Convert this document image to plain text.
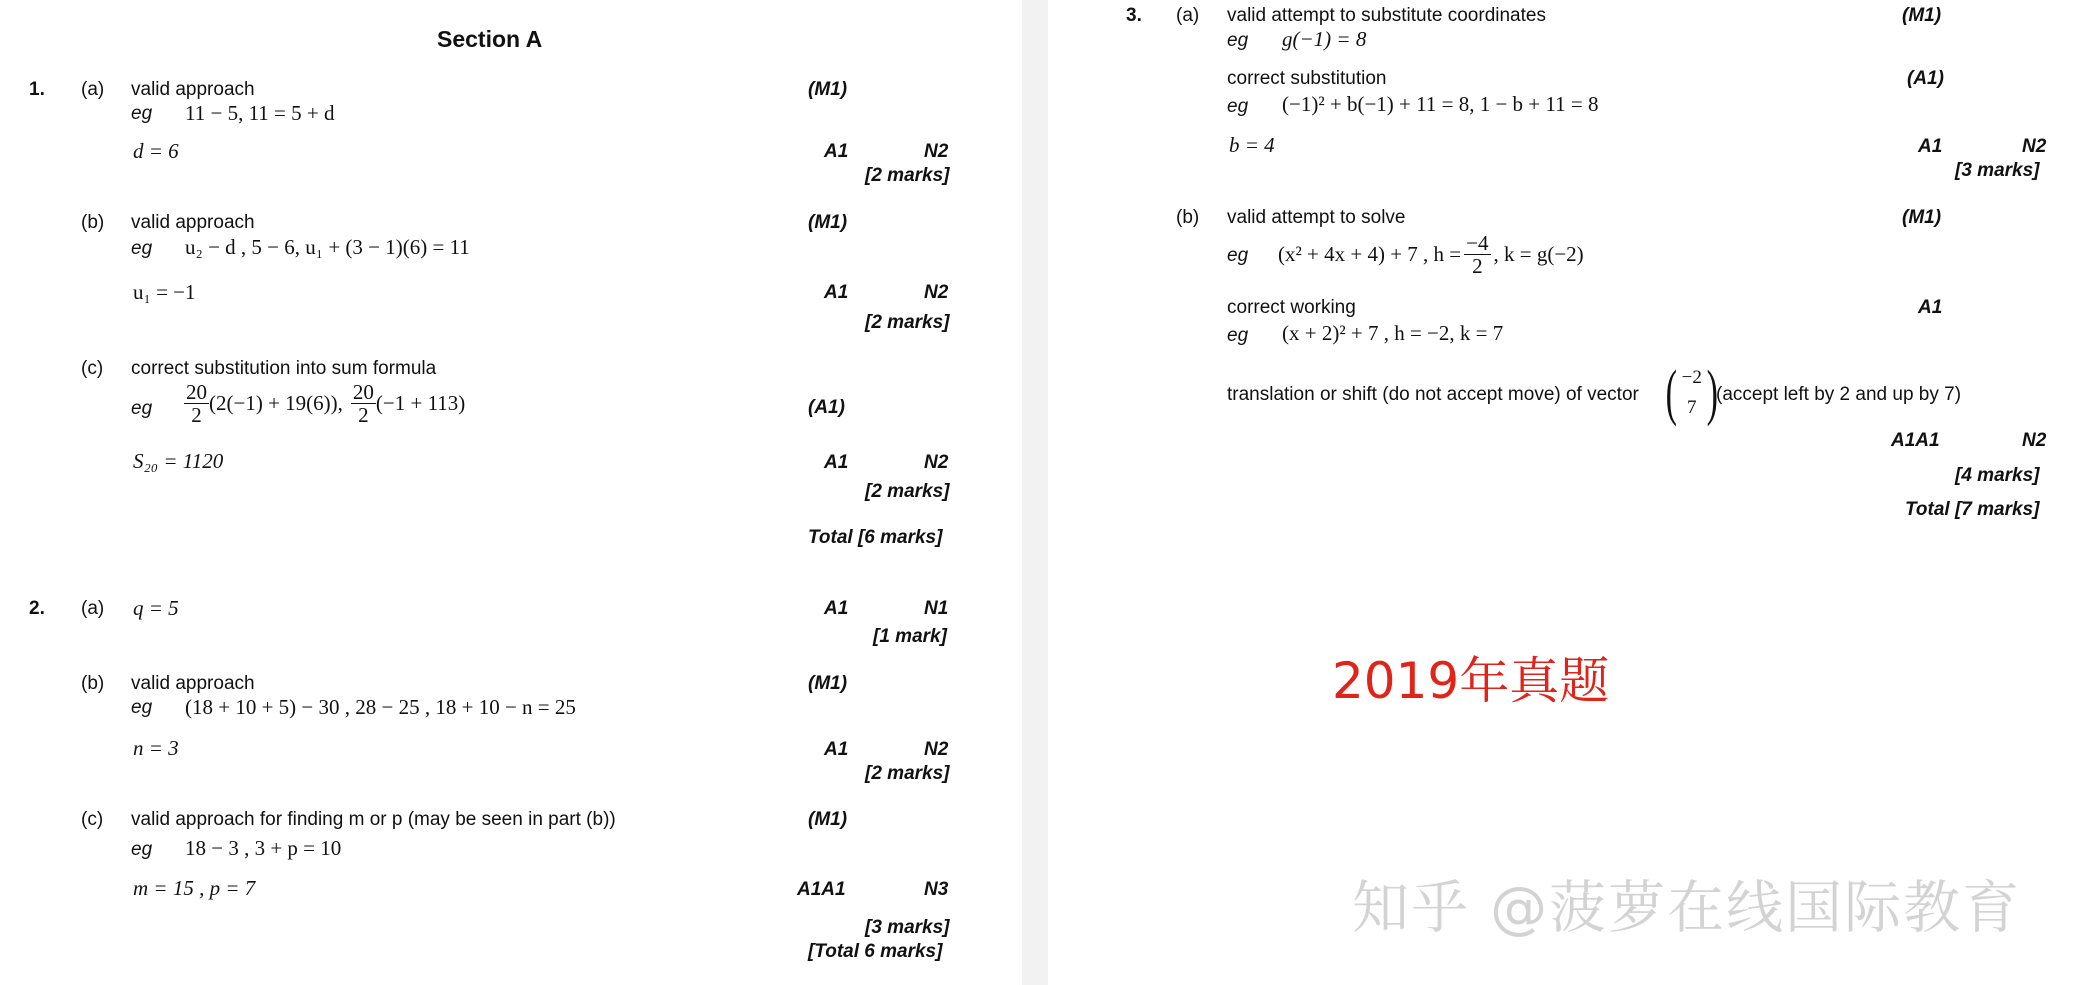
Section A
1. (a) valid approach	(M1)
eg 11 − 5, 11 = 5 + d
d = 6	A1	N2
[2 marks]
(b) valid approach	(M1)
eg u₂ − d , 5 − 6, u₁ + (3 − 1)(6) = 11
u₁ = −1	A1	N2
[2 marks]
(c) correct substitution into sum formula
eg $\frac{20}{2} (2(-1) + 19(6))$, $\frac{20}{2} (-1 + 113)$	(A1)
S₂₀ = 1120	A1	N2
[2 marks]
Total [6 marks]
2. (a) q = 5	A1	N1
[1 mark]
(b) valid approach	(M1)
eg (18 + 10 + 5) − 30 , 28 − 25 , 18 + 10 − n = 25
n = 3	A1	N2
[2 marks]
(c) valid approach for finding m or p (may be seen in part (b))	(M1)
eg 18 − 3 , 3 + p = 10
m = 15 , p = 7	A1A1	N3
[3 marks]
[Total 6 marks]
3. (a) valid attempt to substitute coordinates	(M1)
eg g(−1) = 8
correct substitution	(A1)
eg (−1)² + b(−1) + 11 = 8, 1 − b + 11 = 8
b = 4	A1	N2
[3 marks]
(b) valid attempt to solve	(M1)
eg (x² + 4x + 4) + 7 , $h = \frac{-4}{2}$ , k = g(−2)
correct working	A1
eg (x + 2)² + 7 , h = −2, k = 7
translation or shift (do not accept move) of vector ( −2
7 )
(accept left by 2 and up by 7)
A1A1	N2
[4 marks]
Total [7 marks]
2019年真题
知乎 @菠萝在线国际教育
